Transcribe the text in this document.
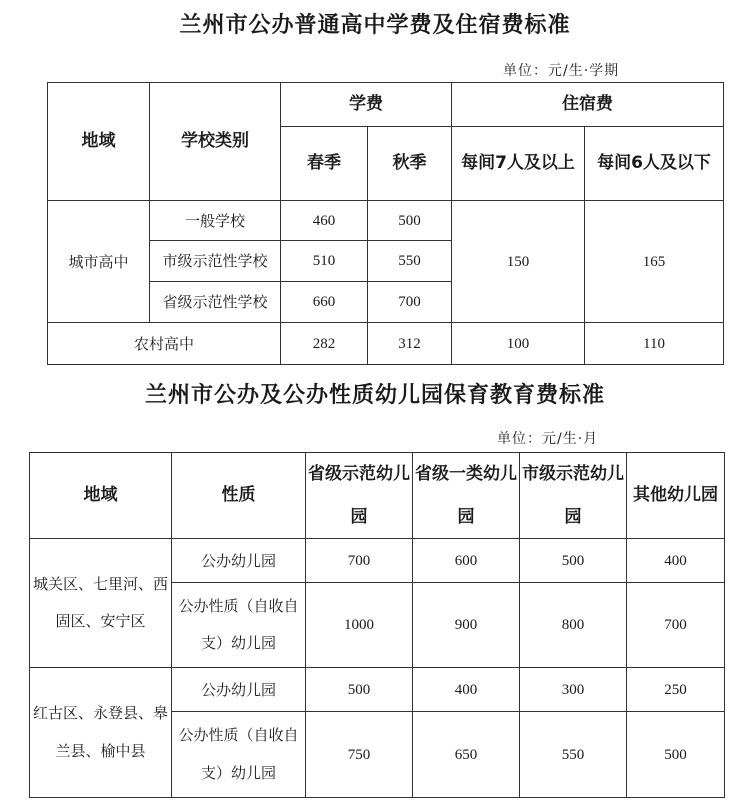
兰州市公办普通高中学费及住宿费标准
单位：元/生·学期
地域	学校类别	学费		住宿费	
		春季	秋季	每间7人及以上	每间6人及以下
城市高中	一般学校	460	500	150	165
	市级示范性学校	510	550		
	省级示范性学校	660	700		
农村高中		282	312	100	110
兰州市公办及公办性质幼儿园保育教育费标准
单位：元/生·月
地域	性质	省级示范幼儿园	省级一类幼儿园	市级示范幼儿园	其他幼儿园
城关区、七里河、西固区、安宁区	公办幼儿园	700	600	500	400
	公办性质（自收自支）幼儿园	1000	900	800	700
红古区、永登县、皋兰县、榆中县	公办幼儿园	500	400	300	250
	公办性质（自收自支）幼儿园	750	650	550	500
